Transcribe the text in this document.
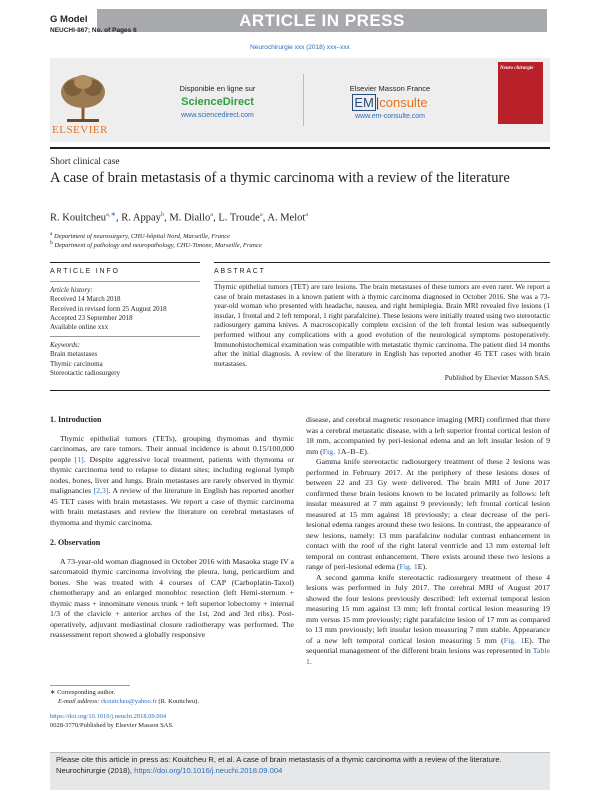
G Model	ARTICLE IN PRESS
NEUCHI-867; No. of Pages 6
Neurochirurgie xxx (2018) xxx–xxx
ELSEVIER
Disponible en ligne sur
ScienceDirect
www.sciencedirect.com
Elsevier Masson France
EM |consulte
www.em-consulte.com
Neuro chirurgie
Short clinical case
A case of brain metastasis of a thymic carcinoma with a review of the literature
R. Kouitcheu$^{a,∗}$, R. Appay$^b$, M. Diallo$^a$, L. Troude$^a$, A. Melot$^a$
$^a$ Department of neurosurgery, CHU-hôpital Nord, Marseille, France
$^b$ Department of pathology and neuropathology, CHU-Timone, Marseille, France
ARTICLE INFO
Article history:
Received 14 March 2018
Received in revised form 25 August 2018
Accepted 23 September 2018
Available online xxx
Keywords:
Brain metastases
Thymic carcinoma
Stereotactic radiosurgery
ABSTRACT
Thymic epithelial tumors (TET) are rare lesions. The brain metastases of these tumors are even rarer. We report a case of brain metastases in a known patient with a thymic carcinoma diagnosed in October 2016. She was a 73-year-old woman who presented with headache, nausea, and right hemiplegia. Brain MRI revealed five lesions (1 insular, 1 frontal and 2 left temporal, 1 right parafalcine). These lesions were initially treated using two stereotactic radiosurgery gamma knives. A macroscopically complete excision of the left frontal lesion was subsequently performed without any complications with a good evolution of the neurological symptoms postoperatively. Immunohistochemical examination was compatible with metastatic thymic carcinoma. The patient died 14 months after the initial diagnosis. A review of the literature in English has reported another 45 TET cases with brain metastases.
Published by Elsevier Masson SAS.
1. Introduction

Thymic epithelial tumors (TETs), grouping thymomas and thymic carcinomas, are rare tumors. Their annual incidence is about 0.15/100,000 people [1]. Despite aggressive local treatment, patients with thymoma or thymic carcinoma tend to relapse to distant sites; including regional lymph nodes, bones, liver and lungs. Brain metastases are rarely observed in thymic malignancies [2,3]. A review of the literature in English has reported another 45 TET cases with brain metastases. We report a case of thymic carcinoma with brain metastases and review the literature on cerebral metastases of thymoma and thymic carcinoma.

2. Observation

A 73-year-old woman diagnosed in October 2016 with Masaoka stage IV a sarcomatoid thymic carcinoma involving the pleura, lung, pericardium and bones. She was treated with 4 courses of CAP (Carboplatin-Taxol) chemotherapy and an enlarged monobloc resection (left Hemi-sternum + thymic mass + innominate venous trunk + left superior lobectomy + internal 1/3 of the clavicle + anterior arches of the 1st, 2nd and 3rd ribs). Post-operatively, adjuvant mediastinal closure radiotherapy was performed. The reassessment report showed a globally responsive

disease, and cerebral magnetic resonance imaging (MRI) confirmed that there was a cerebral metastatic disease, with a left superior frontal cortical lesion of 18 mm, accompanied by peri-lesional edema and an left insular lesion of 9 mm (Fig. 1A–B–E).

Gamma knife stereotactic radiosurgery treatment of these 2 lesions was performed in February 2017. At the periphery of these lesions doses of between 22 and 23 Gy were delivered. The brain MRI of June 2017 confirmed these brain lesions known to be located primarily as follows: left insular measured at 7 mm against 9 previously; left frontal cortical lesion measured at 15 mm against 18 previously; a clear decrease of the peri-lesional edema ranges around these two lesions. In contrast, the appearance of new lesions, namely: 13 mm parafalcine nodular contrast enhancement in contact with the roof of the right lateral ventricle and 13 mm external left temporal on contrast enhancement. There exists around these two lesions a range of peri-lesional edema (Fig. 1E).

A second gamma knife stereotactic radiosurgery treatment of these 4 lesions was performed in July 2017. The cerebral MRI of August 2017 showed the four lesions previously described: left external temporal lesion measuring 15 mm against 13 mm; left frontal cortical lesion measuring 19 mm versus 15 mm previously; right parafalcine lesion of 17 mm as compared to 13 mm previously; left insular lesion measuring 7 mm stable. Appearance of a new left temporal cortical lesion measuring 5 mm (Fig. 1E). The sequential management of the different brain lesions was represented in Table 1.

∗ Corresponding author.
E-mail address: rkouitcheu@yahoo.fr (R. Kouitcheu).
https://doi.org/10.1016/j.neuchi.2018.09.004
0028-3770/Published by Elsevier Masson SAS.
Please cite this article in press as: Kouitcheu R, et al. A case of brain metastasis of a thymic carcinoma with a review of the literature.
Neurochirurgie (2018), https://doi.org/10.1016/j.neuchi.2018.09.004
